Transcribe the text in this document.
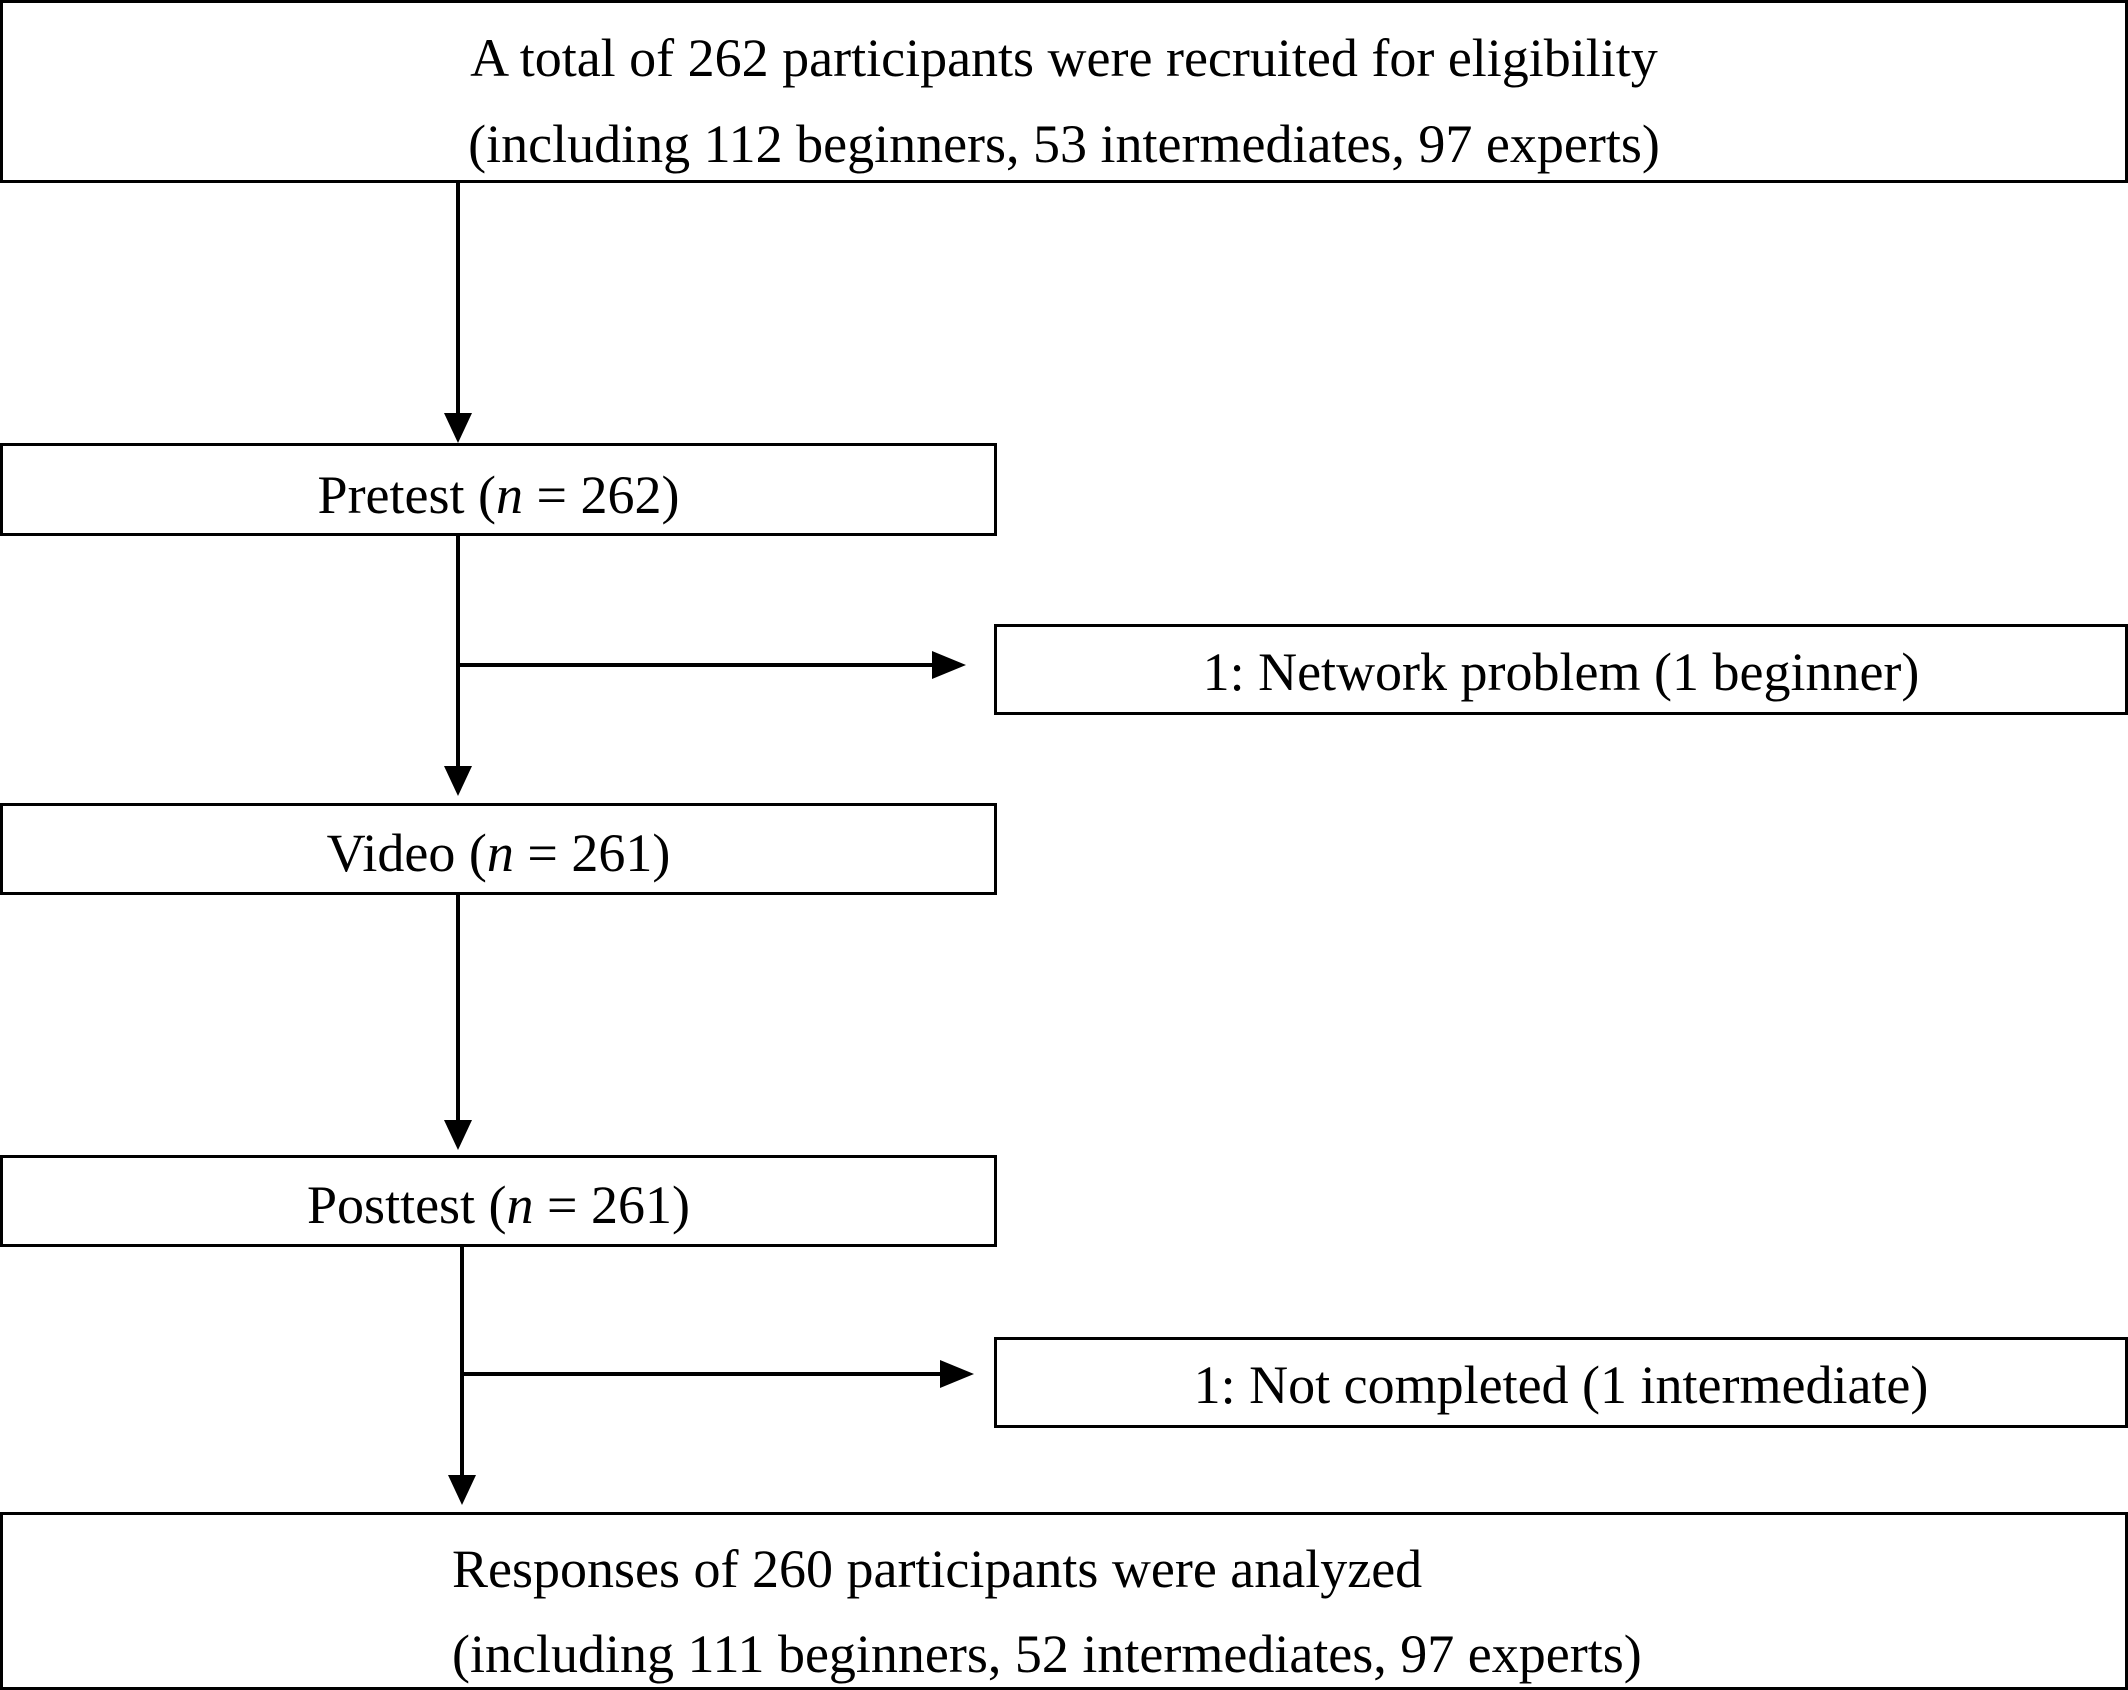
A total of 262 participants were recruited for eligibility
(including 112 beginners, 53 intermediates, 97 experts)
Pretest (n = 262)
1: Network problem (1 beginner)
Video (n = 261)
Posttest (n = 261)
1: Not completed (1 intermediate)
Responses of 260 participants were analyzed
(including 111 beginners, 52 intermediates, 97 experts)
